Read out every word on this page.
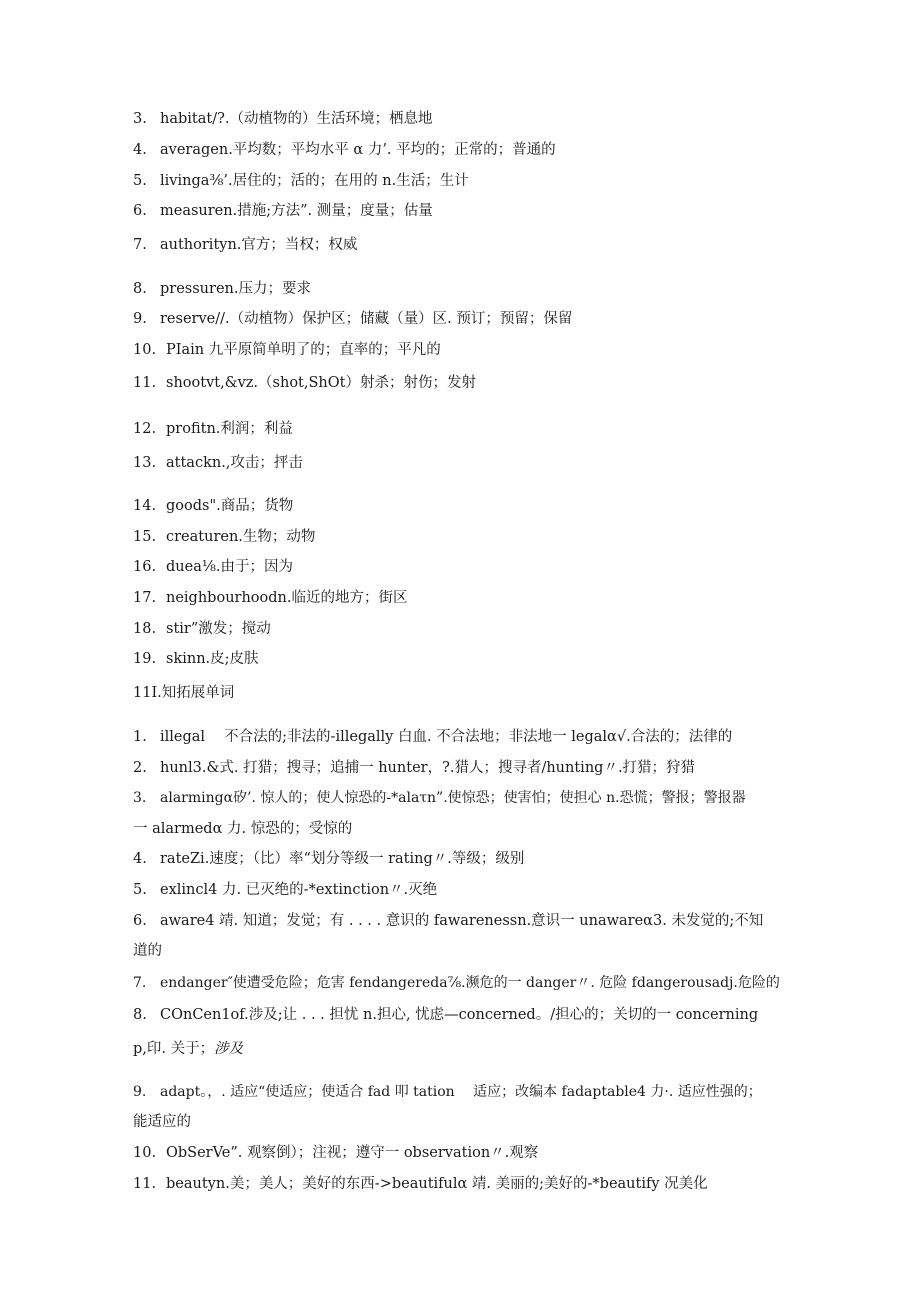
3. habitat/?.（动植物的）生活环境；栖息地
4. averagen.平均数；平均水平 α 力’. 平均的；正常的；普通的
5. livinga⅜’.居住的；活的；在用的 n.生活；生计
6. measuren.措施;方法”. 测量；度量；估量
7. authorityn.官方；当权；权威
8. pressuren.压力；要求
9. reserve//.（动植物）保护区；储藏（量）区. 预订；预留；保留
10. PIain 九平原简单明了的；直率的；平凡的
11. shootvt,&vz.（shot,ShOt）射杀；射伤；发射
12. profitn.利润；利益
13. attackn.,攻击；抨击
14. goods".商品；货物
15. creaturen.生物；动物
16. duea⅛.由于；因为
17. neighbourhoodn.临近的地方；街区
18. stir”激发；搅动
19. skinn.皮;皮肤
11I.知拓展单词
1. illegal　 不合法的;非法的-illegally 白血. 不合法地；非法地一 legalα√.合法的；法律的
2. hunl3.&式. 打猎；搜寻；追捕一 hunter，?.猎人；搜寻者/hunting〃.打猎；狩猎
3. alarmingα矽’. 惊人的；使人惊恐的-*alaτn”.使惊恐；使害怕；使担心 n.恐慌；警报；警报器
一 alarmedα 力. 惊恐的；受惊的
4. rateZi.速度；（比）率“划分等级一 rating〃.等级；级别
5. exlincl4 力. 已灭绝的-*extinction〃.灭绝
6. aware4 靖. 知道；发觉；有 . . . . 意识的 fawarenessn.意识一 unawareα3. 未发觉的;不知
道的
7. endanger″使遭受危险；危害 fendangereda⅞.濒危的一 danger〃. 危险 fdangerousadj.危险的
8. COnCen1of.涉及;让 . . . 担忧 n.担心, 忧虑—concerned。/担心的；关切的一 concerning
p,印. 关于；涉及
9. adapt。，. 适应“使适应；使适合 fad 叩 tation　 适应；改编本 fadaptable4 力·. 适应性强的；
能适应的
10. ObSerVe”. 观察倒）；注视；遵守一 observation〃.观察
11. beautyn.美；美人；美好的东西->beautifulα 靖. 美丽的;美好的-*beautify 况美化
